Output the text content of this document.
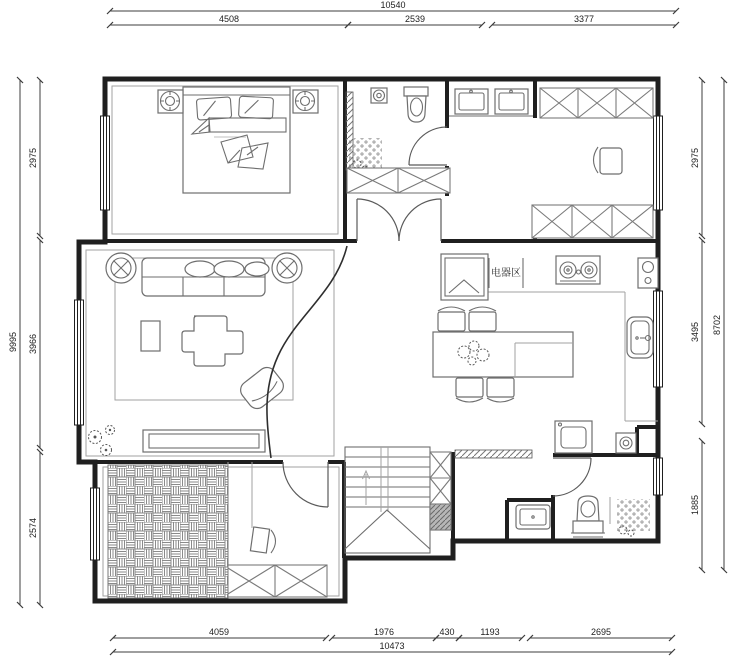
10540
4508	2539	3377
4059	1976	430	1193	2695
10473
9995
2975
3966
2574
2975
3495
1885
8702
电器区
